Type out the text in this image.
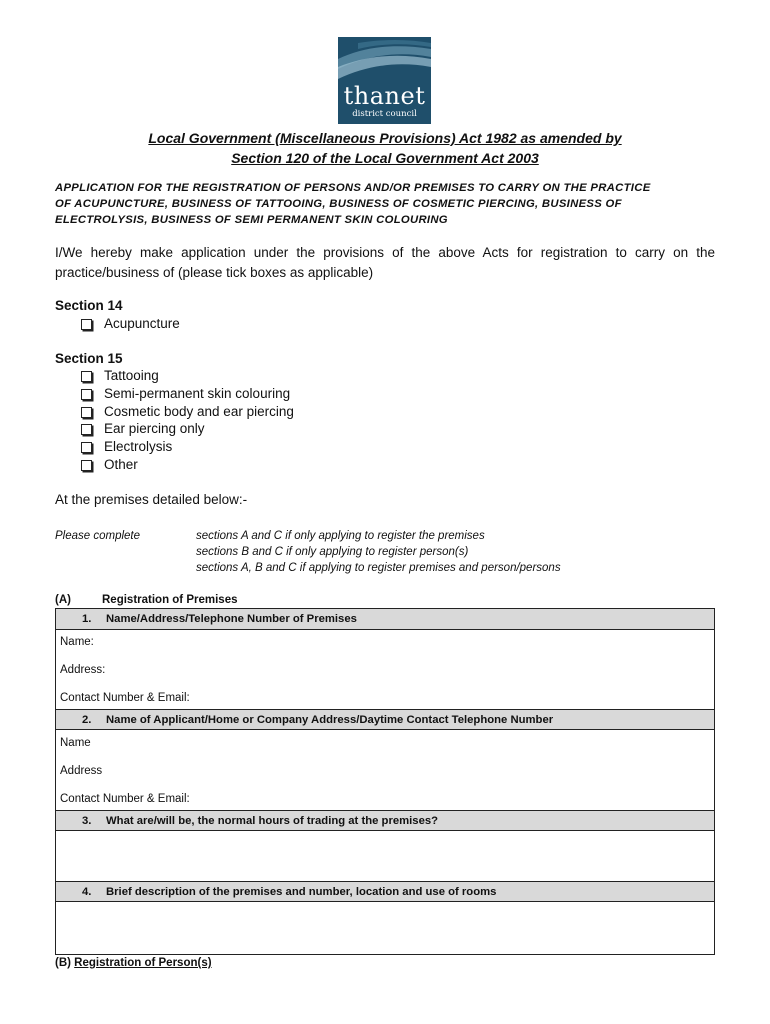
thanet
district council
Local Government (Miscellaneous Provisions) Act 1982 as amended by
Section 120 of the Local Government Act 2003
APPLICATION FOR THE REGISTRATION OF PERSONS AND/OR PREMISES TO CARRY ON THE PRACTICE
OF ACUPUNCTURE, BUSINESS OF TATTOOING, BUSINESS OF COSMETIC PIERCING, BUSINESS OF
ELECTROLYSIS, BUSINESS OF SEMI PERMANENT SKIN COLOURING
I/We hereby make application under the provisions of the above Acts for registration to carry on the
practice/business of (please tick boxes as applicable)
Section 14
Acupuncture
Section 15
Tattooing
Semi-permanent skin colouring
Cosmetic body and ear piercing
Ear piercing only
Electrolysis
Other
At the premises detailed below:-
Please complete	sections A and C if only applying to register the premises
sections B and C if only applying to register person(s)
sections A, B and C if applying to register premises and person/persons
(A)	Registration of Premises
1. Name/Address/Telephone Number of Premises
Name:
Address:
Contact Number & Email:
2. Name of Applicant/Home or Company Address/Daytime Contact Telephone Number
Name
Address
Contact Number & Email:
3. What are/will be, the normal hours of trading at the premises?
4. Brief description of the premises and number, location and use of rooms
(B) Registration of Person(s)
